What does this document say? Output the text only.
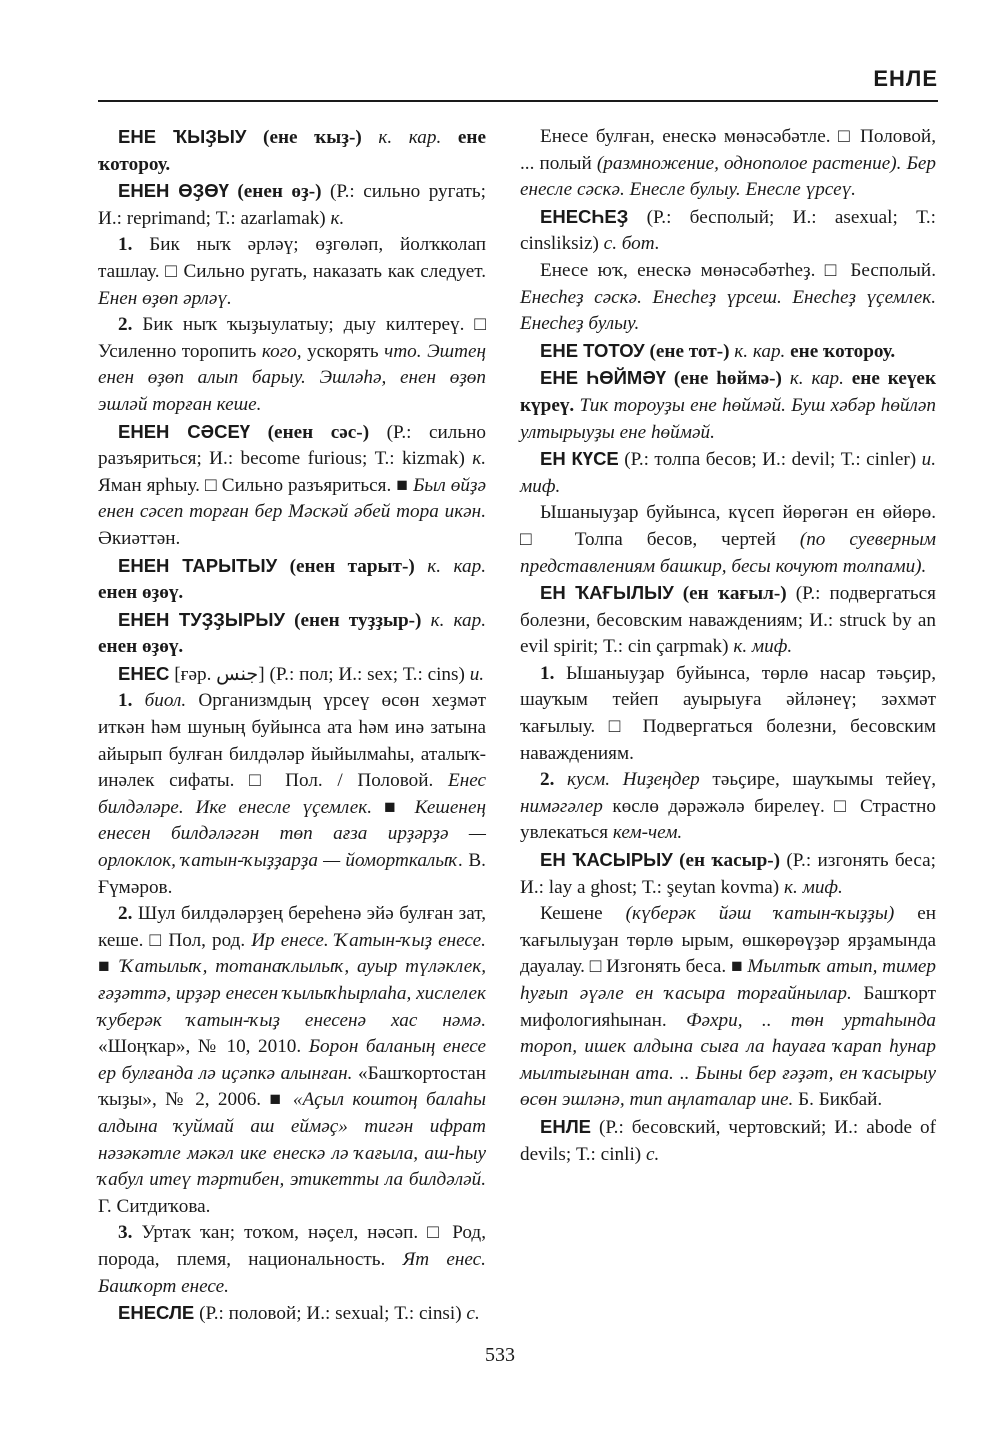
ЕНЛЕ

ЕНЕ ҠЫҘЫУ (ене ҡыҙ-) к. кар. ене ҡотороу.

ЕНЕН ӨҘӨҮ (енен өҙ-) (Р.: сильно ругать; И.: reprimand; Т.: azarlamak) к.

1. Бик ныҡ әрләү; өҙгөләп, йолҡколап ташлау. □ Сильно ругать, наказать как следует. Енен өҙөп әрләү.

2. Бик ныҡ ҡыҙыулатыу; дыу килтереү. □ Усиленно торопить кого, ускорять что. Эштең енен өҙөп алып барыу. Эшләһә, енен өҙөп эшләй торған кеше.

ЕНЕН СӘСЕҮ (енен сәс-) (Р.: сильно разъяриться; И.: become furious; Т.: kizmak) к. Яман ярһыу. □ Сильно разъяриться. ■ Был өйҙә енен сәсеп торған бер Мәскәй әбей тора икән. Әкиәттән.

ЕНЕН ТАРЫТЫУ (енен тарыт-) к. кар. енен өҙөү.

ЕНЕН ТУҘҘЫРЫУ (енен туҙҙыр-) к. кар. енен өҙөү.

ЕНЕС [ғәр. جنس] (Р.: пол; И.: sex; Т.: cins) и.

1. биол. Организмдың үрсеү өсөн хеҙмәт иткән һәм шуның буйынса ата һәм инә затына айырып булған билдәләр йыйылмаһы, аталыҡ-инәлек сифаты. □ Пол. / Половой. Енес билдәләре. Ике енесле үҫемлек. ■ Кешенең енесен билдәләгән төп ағза ирҙәрҙә — орлоклок, ҡатын-ҡыҙҙарҙа — йоморткалыҡ. В. Ғүмәров.

2. Шул билдәләрҙең береһенә эйә булған зат, кеше. □ Пол, род. Ир енесе. Ҡатын-ҡыҙ енесе. ■ Ҡатылыҡ, тотанаҡлылыҡ, ауыр түләклек, ғәҙәттә, ирҙәр енесен ҡылыҡһырлаһа, хислелек ҡуберәк ҡатын-ҡыҙ енесенә хас нәмә. «Шоңҡар», № 10, 2010. Борон баланың енесе ер булғанда лә иҫәпкә алынған. «Башҡортостан ҡыҙы», № 2, 2006. ■ «Аҫыл коштоң балаһы алдына ҡуймай аш еймәҫ» тигән ифрат нәзәкәтле мәкәл ике енескә лә ҡағыла, аш-һыу ҡабул итеү тәртибен, этикетты ла билдәләй. Г. Ситдиҡова.

3. Уртаҡ ҡан; тоҡом, нәҫел, нәсәп. □ Род, порода, племя, национальность. Ят енес. Башҡорт енесе.

ЕНЕСЛЕ (Р.: половой; И.: sexual; Т.: cinsi) с.

Енесе булған, енескә мөнәсәбәтле. □ Половой, ... полый (размножение, однополое растение). Бер енесле сәскә. Енесле булыу. Енесле үрсеү.

ЕНЕСҺЕҘ (Р.: бесполый; И.: asexual; Т.: cinsliksiz) с. бот.

Енесе юҡ, енескә мөнәсәбәтһеҙ. □ Бесполый. Енесһеҙ сәскә. Енесһеҙ үрсеш. Енесһеҙ үҫемлек. Енесһеҙ булыу.

ЕНЕ ТОТОУ (ене тот-) к. кар. ене ҡотороу.

ЕНЕ ҺӨЙМӘҮ (ене һөймә-) к. кар. ене кеүек күреү. Тик тороуҙы ене һөймәй. Буш хәбәр һөйләп ултырыуҙы ене һөймәй.

ЕН КҮСЕ (Р.: толпа бесов; И.: devil; Т.: cinler) и. миф.

Ышаныуҙар буйынса, күсеп йөрөгән ен өйөрө. □ Толпа бесов, чертей (по суеверным представлениям башкир, бесы кочуют толпами).

ЕН ҠАҒЫЛЫУ (ен ҡағыл-) (Р.: подвергаться болезни, бесовским наваждениям; И.: struck by an evil spirit; Т.: cin çarpmak) к. миф.

1. Ышаныуҙар буйынса, төрлө насар тәьҫир, шауҡым тейеп ауырыуға әйләнеү; зәхмәт ҡағылыу. □ Подвергаться болезни, бесовским наваждениям.

2. кусм. Ниҙеңдер тәьҫире, шауҡымы тейеү, нимәгәлер көслө дәрәжәлә бирелеү. □ Страстно увлекаться кем-чем.

ЕН ҠАСЫРЫУ (ен ҡасыр-) (Р.: изгонять беса; И.: lay a ghost; Т.: şeytan kovma) к. миф.

Кешене (күберәк йәш ҡатын-ҡыҙҙы) ен ҡағылыуҙан төрлө ырым, өшкөрөүҙәр ярҙамында дауалау. □ Изгонять беса. ■ Мылтыҡ атып, тимер һуғып әүәле ен ҡасыра торғайнылар. Башҡорт мифологияһынан. Фәхри, .. төн уртаһында тороп, ишек алдына сыға ла һауаға ҡарап һунар мылтығынан ата. .. Быны бер ғәҙәт, ен ҡасырыу өсөн эшләнә, тип аңлаталар ине. Б. Бикбай.

ЕНЛЕ (Р.: бесовский, чертовский; И.: abode of devils; Т.: cinli) с.

533
